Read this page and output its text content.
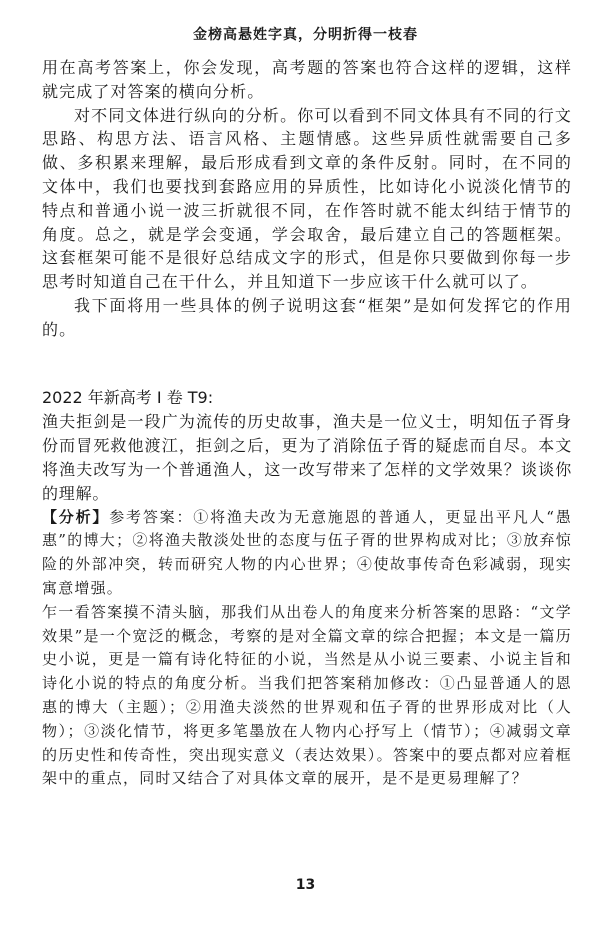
金榜高悬姓字真，分明折得一枝春

用在高考答案上，你会发现，高考题的答案也符合这样的逻辑，这样就完成了对答案的横向分析。

对不同文体进行纵向的分析。你可以看到不同文体具有不同的行文思路、构思方法、语言风格、主题情感。这些异质性就需要自己多做、多积累来理解，最后形成看到文章的条件反射。同时，在不同的文体中，我们也要找到套路应用的异质性，比如诗化小说淡化情节的特点和普通小说一波三折就很不同，在作答时就不能太纠结于情节的角度。总之，就是学会变通，学会取舍，最后建立自己的答题框架。这套框架可能不是很好总结成文字的形式，但是你只要做到你每一步思考时知道自己在干什么，并且知道下一步应该干什么就可以了。

我下面将用一些具体的例子说明这套“框架”是如何发挥它的作用的。

2022 年新高考 I 卷 T9:

渔夫拒剑是一段广为流传的历史故事，渔夫是一位义士，明知伍子胥身份而冒死救他渡江，拒剑之后，更为了消除伍子胥的疑虑而自尽。本文将渔夫改写为一个普通渔人，这一改写带来了怎样的文学效果？谈谈你的理解。

【分析】参考答案：①将渔夫改为无意施恩的普通人，更显出平凡人“愚惠”的博大；②将渔夫散淡处世的态度与伍子胥的世界构成对比；③放弃惊险的外部冲突，转而研究人物的内心世界；④使故事传奇色彩减弱，现实寓意增强。

乍一看答案摸不清头脑，那我们从出卷人的角度来分析答案的思路：“文学效果”是一个宽泛的概念，考察的是对全篇文章的综合把握；本文是一篇历史小说，更是一篇有诗化特征的小说，当然是从小说三要素、小说主旨和诗化小说的特点的角度分析。当我们把答案稍加修改：①凸显普通人的恩惠的博大（主题）；②用渔夫淡然的世界观和伍子胥的世界形成对比（人物）；③淡化情节，将更多笔墨放在人物内心抒写上（情节）；④减弱文章的历史性和传奇性，突出现实意义（表达效果）。答案中的要点都对应着框架中的重点，同时又结合了对具体文章的展开，是不是更易理解了？

13
